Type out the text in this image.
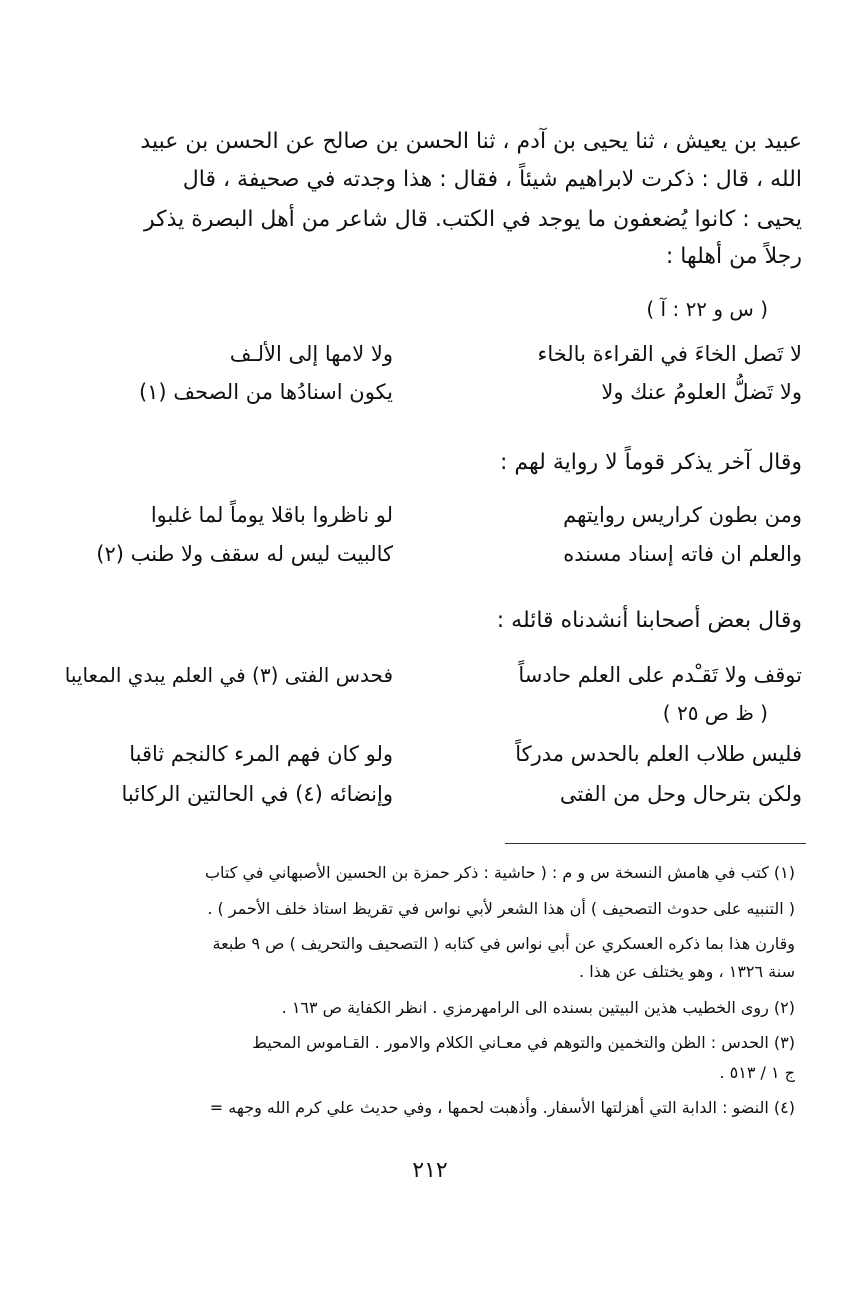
عبيد بن يعيش ، ثنا يحيى بن آدم ، ثنا الحسن بن صالح عن الحسن بن عبيد
الله ، قال : ذكرت لابراهيم شيئاً ، فقال : هذا وجدته في صحيفة ، قال
يحيى : كانوا يُضعفون ما يوجد في الكتب. قال شاعر من أهل البصرة يذكر
رجلاً من أهلها :
( س و ٢٢ : آ )
لا تَصل الخاءَ في القراءة بالخاء
ولا لامها إلى الألـف
ولا تَضلُّ العلومُ عنك ولا
يكون اسنادُها من الصحف (١)
وقال آخر يذكر قوماً لا رواية لهم :
ومن بطون كراريس روايتهم
لو ناظروا باقلا يوماً لما غلبوا
والعلم ان فاته إسناد مسنده
كالبيت ليس له سقف ولا طنب (٢)
وقال بعض أصحابنا أنشدناه قائله :
توقف ولا تَقـْدم على العلم حادساً
فحدس الفتى (٣) في العلم يبدي المعايبا
( ظ ص ٢٥ )
فليس طلاب العلم بالحدس مدركاً
ولو كان فهم المرء كالنجم ثاقبا
ولكن بترحال وحل من الفتى
وإنضائه (٤) في الحالتين الركائبا
(١) كتب في هامش النسخة س و م : ( حاشية : ذكر حمزة بن الحسين الأصبهاني في كتاب
( التنبيه على حدوث التصحيف ) أن هذا الشعر لأبي نواس في تقريظ استاذ خلف الأحمر ) .
وقارن هذا بما ذكره العسكري عن أبي نواس في كتابه ( التصحيف والتحريف ) ص ٩ طبعة
سنة ١٣٢٦ ، وهو يختلف عن هذا .
(٢) روى الخطيب هذين البيتين بسنده الى الرامهرمزي . انظر الكفاية ص ١٦٣ .
(٣) الحدس : الظن والتخمين والتوهم في معـاني الكلام والامور . القـاموس المحيط
ج ١ / ٥١٣ .
(٤) النضو : الدابة التي أهزلتها الأسفار. وأذهبت لحمها ، وفي حديث علي كرم الله وجهه =
٢١٢
